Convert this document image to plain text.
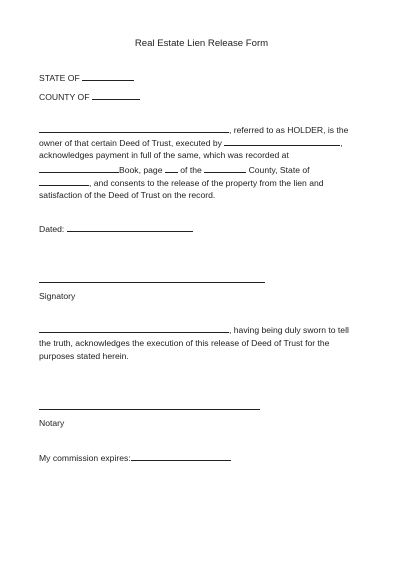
Real Estate Lien Release Form
STATE OF
COUNTY OF
, referred to as HOLDER, is the
owner of that certain Deed of Trust, executed by	,
acknowledges payment in full of the same, which was recorded at
Book, page of the	County, State of
, and consents to the release of the property from the lien and
satisfaction of the Deed of Trust on the record.
Dated:
Signatory
, having being duly sworn to tell
the truth, acknowledges the execution of this release of Deed of Trust for the
purposes stated herein.
Notary
My commission expires:
